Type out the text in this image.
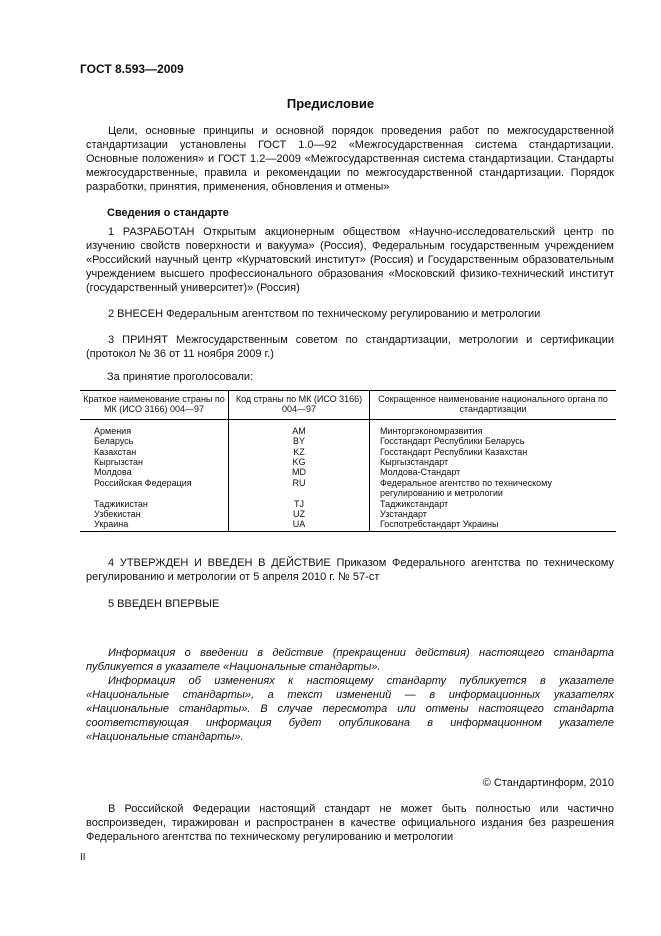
ГОСТ 8.593—2009
Предисловие
Цели, основные принципы и основной порядок проведения работ по межгосударственной стандартизации установлены ГОСТ 1.0—92 «Межгосударственная система стандартизации. Основные положения» и ГОСТ 1.2—2009 «Межгосударственная система стандартизации. Стандарты межгосударственные, правила и рекомендации по межгосударственной стандартизации. Порядок разработки, принятия, применения, обновления и отмены»
Сведения о стандарте
1 РАЗРАБОТАН Открытым акционерным обществом «Научно-исследовательский центр по изучению свойств поверхности и вакуума» (Россия), Федеральным государственным учреждением «Российский научный центр «Курчатовский институт» (Россия) и Государственным образовательным учреждением высшего профессионального образования «Московский физико-технический институт (государственный университет)» (Россия)
2 ВНЕСЕН Федеральным агентством по техническому регулированию и метрологии
3 ПРИНЯТ Межгосударственным советом по стандартизации, метрологии и сертификации (протокол № 36 от 11 ноября 2009 г.)
За принятие проголосовали:
Краткое наименование страны по МК (ИСО 3166) 004—97	Код страны по МК (ИСО 3166) 004—97	Сокращенное наименование национального органа по стандартизации
Армения	AM	Минторгэкономразвития
Беларусь	BY	Госстандарт Республики Беларусь
Казахстан	KZ	Госстандарт Республики Казахстан
Кыргызстан	KG	Кыргызстандарт
Молдова	MD	Молдова-Стандарт
Российская Федерация	RU	Федеральное агентство по техническому регулированию и метрологии
Таджикистан	TJ	Таджикстандарт
Узбекистан	UZ	Узстандарт
Украина	UA	Госпотребстандарт Украины
4 УТВЕРЖДЕН И ВВЕДЕН В ДЕЙСТВИЕ Приказом Федерального агентства по техническому регулированию и метрологии от 5 апреля 2010 г. № 57-ст
5 ВВЕДЕН ВПЕРВЫЕ
Информация о введении в действие (прекращении действия) настоящего стандарта публикуется в указателе «Национальные стандарты».
Информация об изменениях к настоящему стандарту публикуется в указателе «Национальные стандарты», а текст изменений — в информационных указателях «Национальные стандарты». В случае пересмотра или отмены настоящего стандарта соответствующая информация будет опубликована в информационном указателе «Национальные стандарты».
© Стандартинформ, 2010
В Российской Федерации настоящий стандарт не может быть полностью или частично воспроизведен, тиражирован и распространен в качестве официального издания без разрешения Федерального агентства по техническому регулированию и метрологии
II
